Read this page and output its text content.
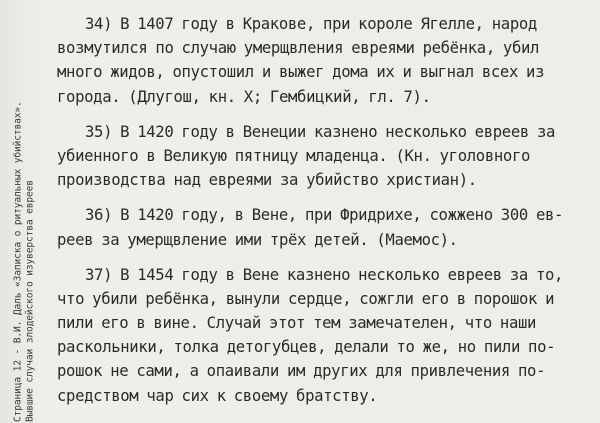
Страница 12 - В.И. Даль «Записка о ритуальных убийствах». Вывшие случаи злодейского изуверства евреев

34) В 1407 году в Кракове, при короле Ягелле, народ
возмутился по случаю умерщвления евреями ребёнка, убил
много жидов, опустошил и выжег дома их и выгнал всех из
города. (Длугош, кн. X; Гембицкий, гл. 7).

35) В 1420 году в Венеции казнено несколько евреев за
убиенного в Великую пятницу младенца. (Кн. уголовного
производства над евреями за убийство христиан).

36) В 1420 году, в Вене, при Фридрихе, сожжено 300 ев-
реев за умерщвление ими трёх детей. (Маемос).

37) В 1454 году в Вене казнено несколько евреев за то,
что убили ребёнка, вынули сердце, сожгли его в порошок и
пили его в вине. Случай этот тем замечателен, что наши
раскольники, толка детогубцев, делали то же, но пили по-
рошок не сами, а опаивали им других для привлечения по-
средством чар сих к своему братству.
